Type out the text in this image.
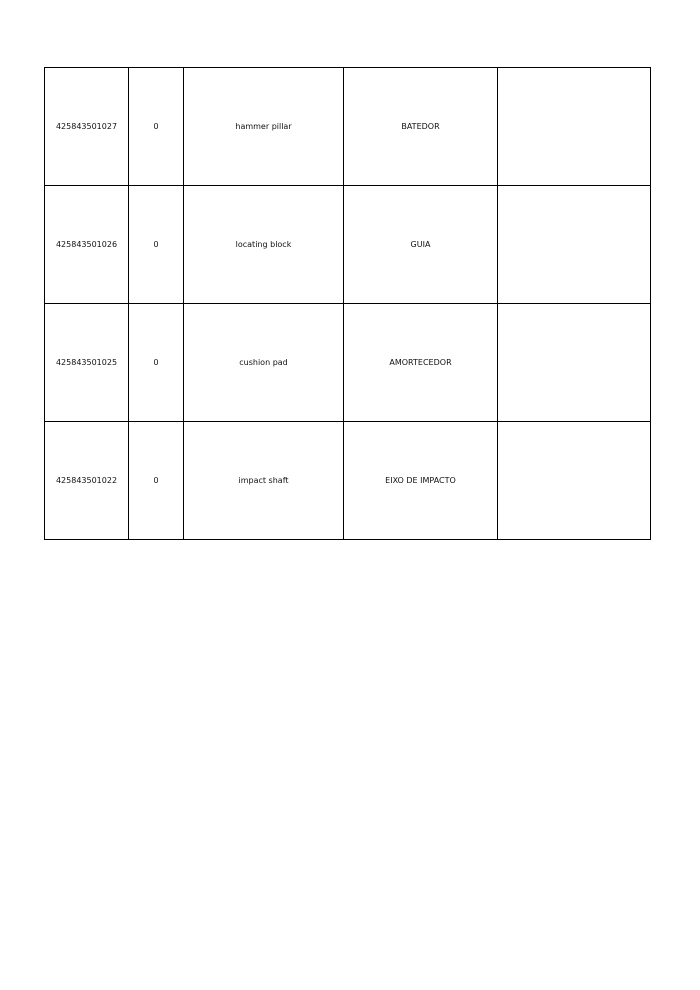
425843501027	0	hammer pillar	BATEDOR	
425843501026	0	locating block	GUIA	
425843501025	0	cushion pad	AMORTECEDOR	
425843501022	0	impact shaft	EIXO DE IMPACTO	
